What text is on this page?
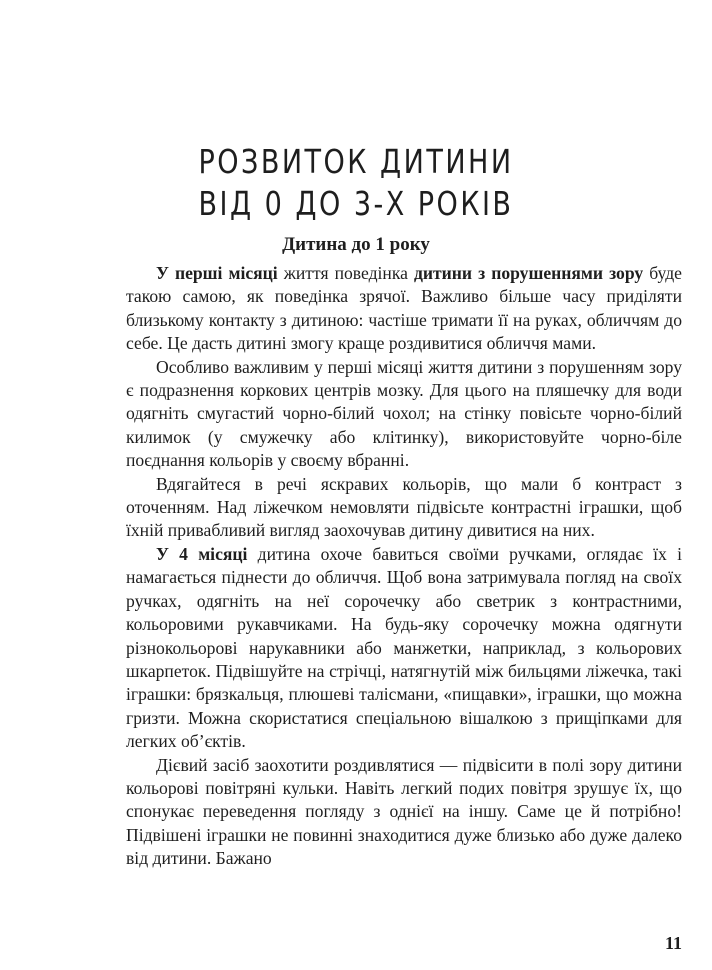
РОЗВИТОК ДИТИНИ
ВІД 0 ДО 3-Х РОКІВ
Дитина до 1 року

У перші місяці життя поведінка дитини з порушеннями зору буде такою самою, як поведінка зрячої. Важливо більше часу приділяти близькому контакту з дитиною: частіше тримати її на руках, обличчям до себе. Це дасть дитині змогу краще роздивитися обличчя мами.

Особливо важливим у перші місяці життя дитини з порушенням зору є подразнення коркових центрів мозку. Для цього на пляшечку для води одягніть смугастий чорно-білий чохол; на стінку повісьте чорно-білий килимок (у смужечку або клітинку), використовуйте чорно-біле поєднання кольорів у своєму вбранні.

Вдягайтеся в речі яскравих кольорів, що мали б контраст з оточенням. Над ліжечком немовляти підвісьте контрастні іграшки, щоб їхній привабливий вигляд заохочував дитину дивитися на них.

У 4 місяці дитина охоче бавиться своїми ручками, оглядає їх і намагається піднести до обличчя. Щоб вона затримувала погляд на своїх ручках, одягніть на неї сорочечку або светрик з контрастними, кольоровими рукавчиками. На будь-яку сорочечку можна одягнути різнокольорові нарукавники або манжетки, наприклад, з кольорових шкарпеток. Підвішуйте на стрічці, натягнутій між бильцями ліжечка, такі іграшки: брязкальця, плюшеві талісмани, «пищавки», іграшки, що можна гризти. Можна скористатися спеціальною вішалкою з прищіпками для легких об’єктів.

Дієвий засіб заохотити роздивлятися — підвісити в полі зору дитини кольорові повітряні кульки. Навіть легкий подих повітря зрушує їх, що спонукає переведення погляду з однієї на іншу. Саме це й потрібно! Підвішені іграшки не повинні знаходитися дуже близько або дуже далеко від дитини. Бажано

11
